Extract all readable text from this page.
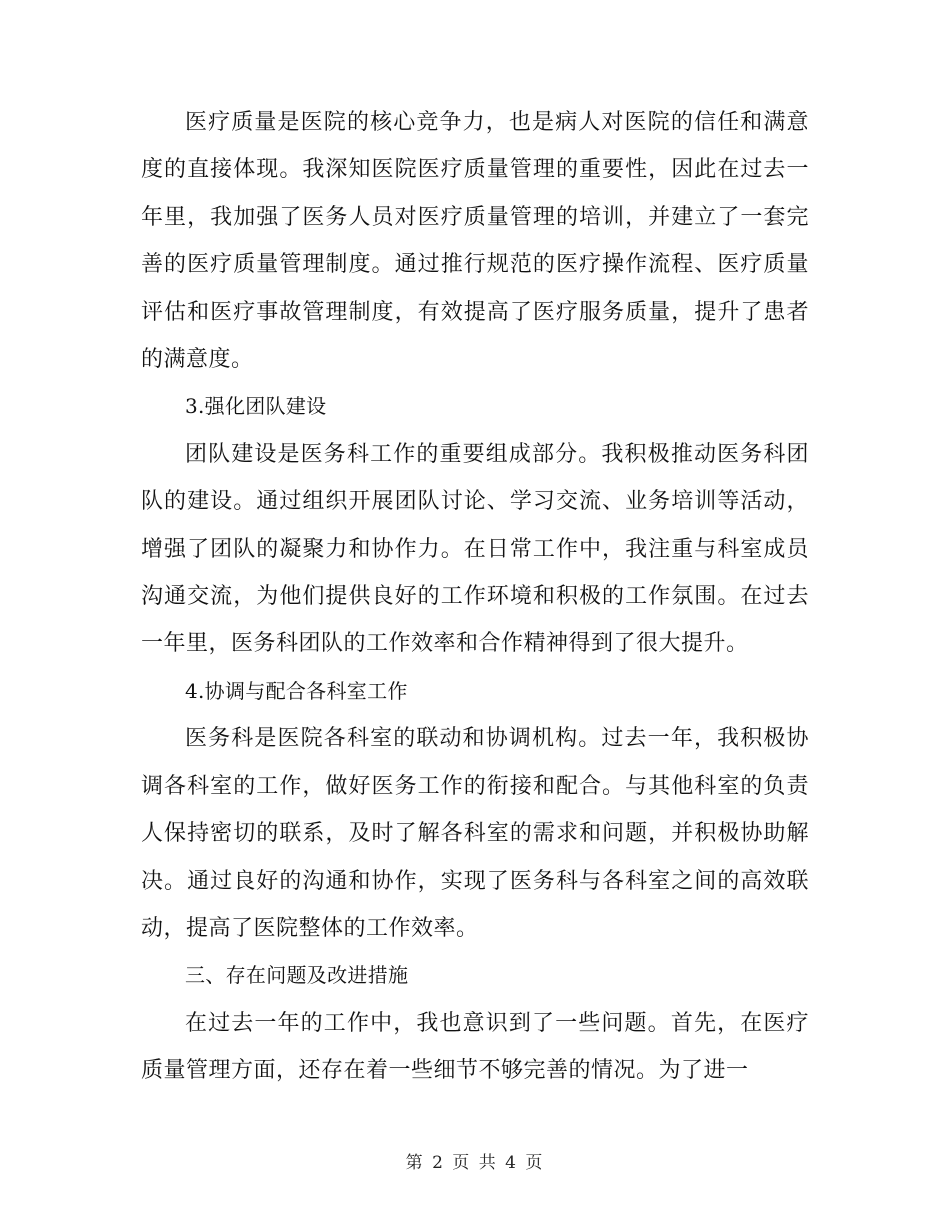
医疗质量是医院的核心竞争力，也是病人对医院的信任和满意度的直接体现。我深知医院医疗质量管理的重要性，因此在过去一年里，我加强了医务人员对医疗质量管理的培训，并建立了一套完善的医疗质量管理制度。通过推行规范的医疗操作流程、医疗质量评估和医疗事故管理制度，有效提高了医疗服务质量，提升了患者的满意度。

3.强化团队建设

团队建设是医务科工作的重要组成部分。我积极推动医务科团队的建设。通过组织开展团队讨论、学习交流、业务培训等活动，增强了团队的凝聚力和协作力。在日常工作中，我注重与科室成员沟通交流，为他们提供良好的工作环境和积极的工作氛围。在过去一年里，医务科团队的工作效率和合作精神得到了很大提升。

4.协调与配合各科室工作

医务科是医院各科室的联动和协调机构。过去一年，我积极协调各科室的工作，做好医务工作的衔接和配合。与其他科室的负责人保持密切的联系，及时了解各科室的需求和问题，并积极协助解决。通过良好的沟通和协作，实现了医务科与各科室之间的高效联动，提高了医院整体的工作效率。

三、存在问题及改进措施

在过去一年的工作中，我也意识到了一些问题。首先，在医疗质量管理方面，还存在着一些细节不够完善的情况。为了进一

第 2 页 共 4 页
